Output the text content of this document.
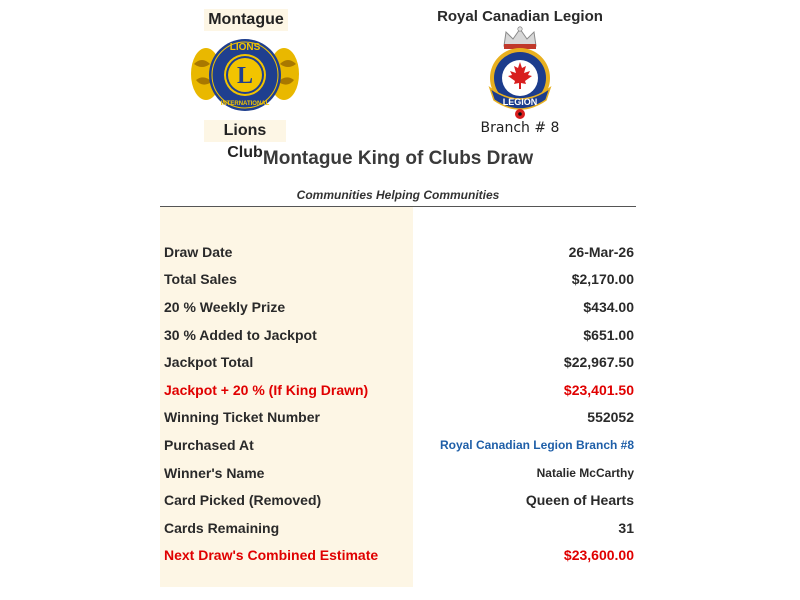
Montague
L
LIONS
INTERNATIONAL
Lions Club
Royal Canadian Legion
LEGION
Branch # 8
Montague King of Clubs Draw
Communities Helping Communities
Draw Date	26-Mar-26
Total Sales	$2,170.00
20 % Weekly Prize	$434.00
30 % Added to Jackpot	$651.00
Jackpot Total	$22,967.50
Jackpot + 20 % (If King Drawn)	$23,401.50
Winning Ticket Number	552052
Purchased At	Royal Canadian Legion Branch #8
Winner's Name	Natalie McCarthy
Card Picked (Removed)	Queen of Hearts
Cards Remaining	31
Next Draw's Combined Estimate	$23,600.00
